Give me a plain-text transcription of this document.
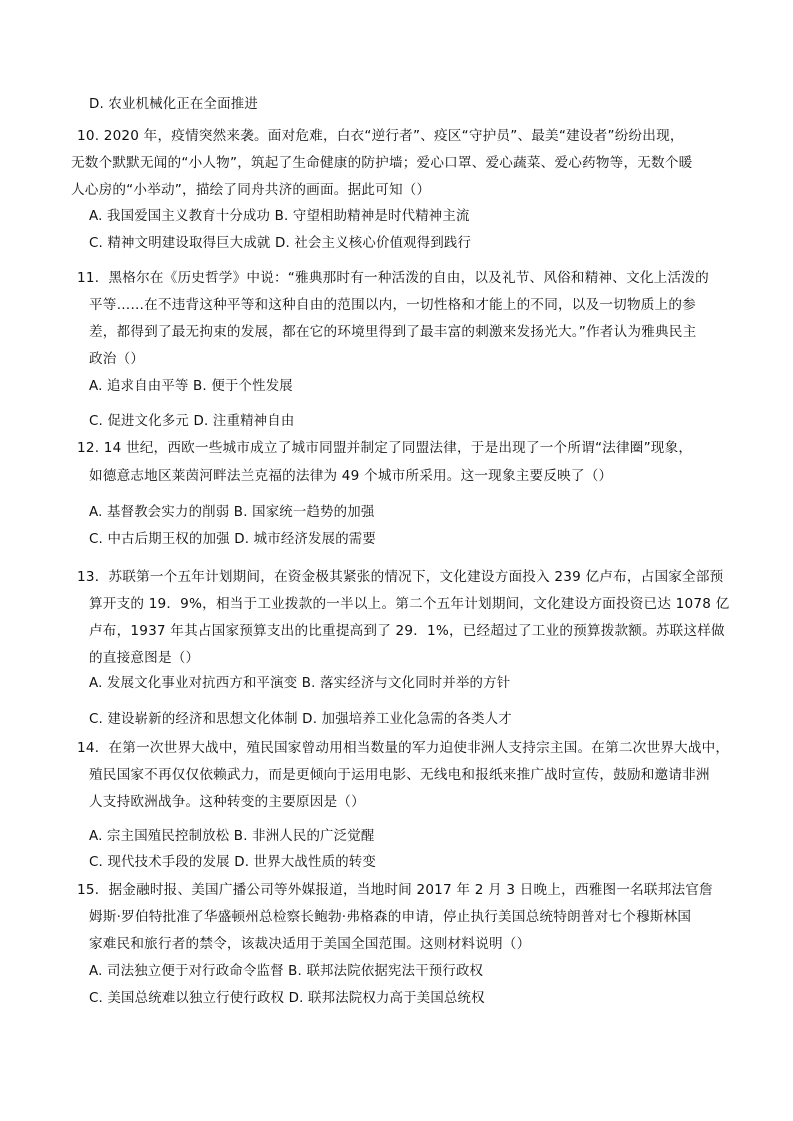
D. 农业机械化正在全面推进
10. 2020 年，疫情突然来袭。面对危难，白衣“逆行者”、疫区“守护员”、最美“建设者”纷纷出现，
无数个默默无闻的“小人物”，筑起了生命健康的防护墙；爱心口罩、爱心蔬菜、爱心药物等，无数个暖
人心房的“小举动”，描绘了同舟共济的画面。据此可知（）
A. 我国爱国主义教育十分成功 B. 守望相助精神是时代精神主流
C. 精神文明建设取得巨大成就 D. 社会主义核心价值观得到践行
11．黑格尔在《历史哲学》中说：“雅典那时有一种活泼的自由，以及礼节、风俗和精神、文化上活泼的
平等……在不违背这种平等和这种自由的范围以内，一切性格和才能上的不同，以及一切物质上的参
差，都得到了最无拘束的发展，都在它的环境里得到了最丰富的刺激来发扬光大。”作者认为雅典民主
政治（）
A. 追求自由平等 B. 便于个性发展
C. 促进文化多元 D. 注重精神自由
12. 14 世纪，西欧一些城市成立了城市同盟并制定了同盟法律，于是出现了一个所谓“法律圈”现象，
如德意志地区莱茵河畔法兰克福的法律为 49 个城市所采用。这一现象主要反映了（）
A. 基督教会实力的削弱 B. 国家统一趋势的加强
C. 中古后期王权的加强 D. 城市经济发展的需要
13．苏联第一个五年计划期间，在资金极其紧张的情况下，文化建设方面投入 239 亿卢布，占国家全部预
算开支的 19．9%，相当于工业拨款的一半以上。第二个五年计划期间，文化建设方面投资已达 1078 亿
卢布，1937 年其占国家预算支出的比重提高到了 29．1%，已经超过了工业的预算拨款额。苏联这样做
的直接意图是（）
A. 发展文化事业对抗西方和平演变 B. 落实经济与文化同时并举的方针
C. 建设崭新的经济和思想文化体制 D. 加强培养工业化急需的各类人才
14．在第一次世界大战中，殖民国家曾动用相当数量的军力迫使非洲人支持宗主国。在第二次世界大战中，
殖民国家不再仅仅依赖武力，而是更倾向于运用电影、无线电和报纸来推广战时宣传，鼓励和邀请非洲
人支持欧洲战争。这种转变的主要原因是（）
A. 宗主国殖民控制放松 B. 非洲人民的广泛觉醒
C. 现代技术手段的发展 D. 世界大战性质的转变
15．据金融时报、美国广播公司等外媒报道，当地时间 2017 年 2 月 3 日晚上，西雅图一名联邦法官詹
姆斯·罗伯特批准了华盛顿州总检察长鲍勃·弗格森的申请，停止执行美国总统特朗普对七个穆斯林国
家难民和旅行者的禁令，该裁决适用于美国全国范围。这则材料说明（）
A. 司法独立便于对行政命令监督 B. 联邦法院依据宪法干预行政权
C. 美国总统难以独立行使行政权 D. 联邦法院权力高于美国总统权
